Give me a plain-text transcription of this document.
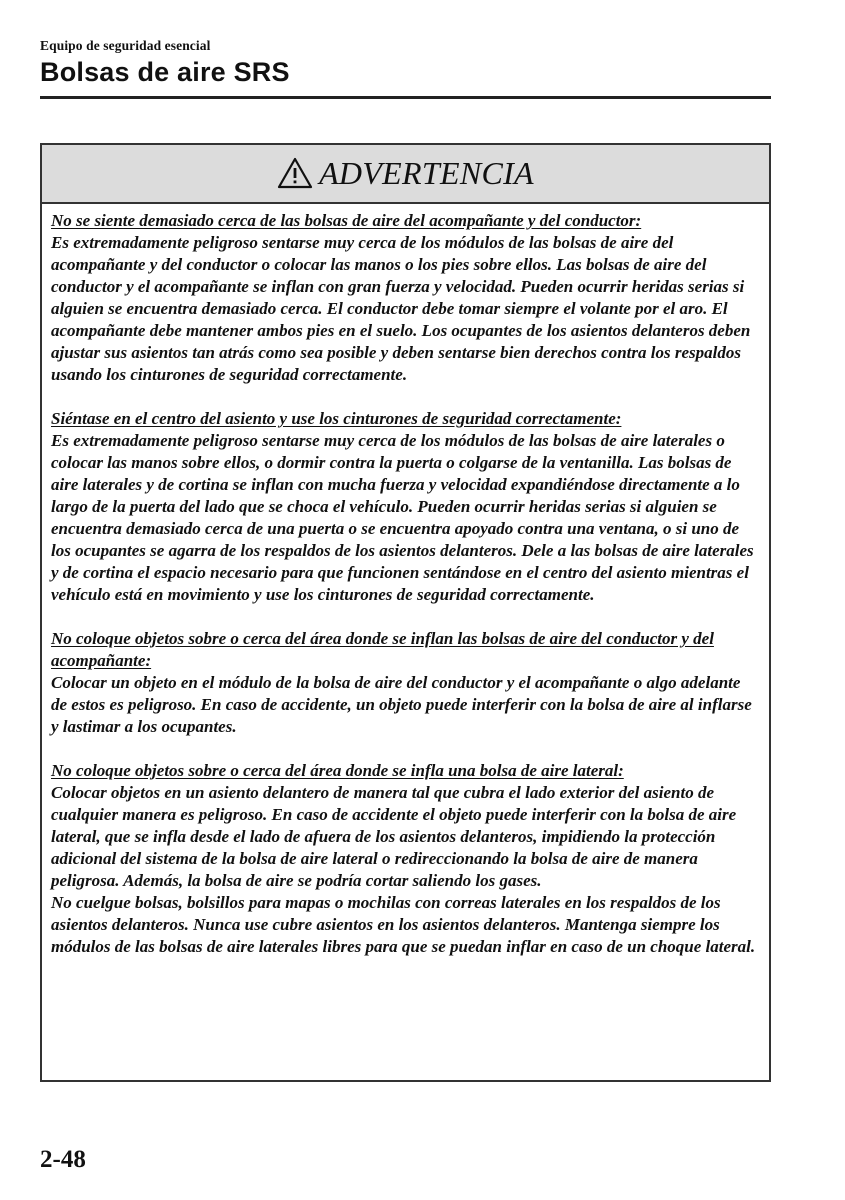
Equipo de seguridad esencial
Bolsas de aire SRS
ADVERTENCIA
No se siente demasiado cerca de las bolsas de aire del acompañante y del conductor:

Es extremadamente peligroso sentarse muy cerca de los módulos de las bolsas de aire del acompañante y del conductor o colocar las manos o los pies sobre ellos. Las bolsas de aire del conductor y el acompañante se inflan con gran fuerza y velocidad. Pueden ocurrir heridas serias si alguien se encuentra demasiado cerca. El conductor debe tomar siempre el volante por el aro. El acompañante debe mantener ambos pies en el suelo. Los ocupantes de los asientos delanteros deben ajustar sus asientos tan atrás como sea posible y deben sentarse bien derechos contra los respaldos usando los cinturones de seguridad correctamente.

Siéntase en el centro del asiento y use los cinturones de seguridad correctamente:

Es extremadamente peligroso sentarse muy cerca de los módulos de las bolsas de aire laterales o colocar las manos sobre ellos, o dormir contra la puerta o colgarse de la ventanilla. Las bolsas de aire laterales y de cortina se inflan con mucha fuerza y velocidad expandiéndose directamente a lo largo de la puerta del lado que se choca el vehículo. Pueden ocurrir heridas serias si alguien se encuentra demasiado cerca de una puerta o se encuentra apoyado contra una ventana, o si uno de los ocupantes se agarra de los respaldos de los asientos delanteros. Dele a las bolsas de aire laterales y de cortina el espacio necesario para que funcionen sentándose en el centro del asiento mientras el vehículo está en movimiento y use los cinturones de seguridad correctamente.

No coloque objetos sobre o cerca del área donde se inflan las bolsas de aire del conductor y del acompañante:

Colocar un objeto en el módulo de la bolsa de aire del conductor y el acompañante o algo adelante de estos es peligroso. En caso de accidente, un objeto puede interferir con la bolsa de aire al inflarse y lastimar a los ocupantes.

No coloque objetos sobre o cerca del área donde se infla una bolsa de aire lateral:

Colocar objetos en un asiento delantero de manera tal que cubra el lado exterior del asiento de cualquier manera es peligroso. En caso de accidente el objeto puede interferir con la bolsa de aire lateral, que se infla desde el lado de afuera de los asientos delanteros, impidiendo la protección adicional del sistema de la bolsa de aire lateral o redireccionando la bolsa de aire de manera peligrosa. Además, la bolsa de aire se podría cortar saliendo los gases.

No cuelgue bolsas, bolsillos para mapas o mochilas con correas laterales en los respaldos de los asientos delanteros. Nunca use cubre asientos en los asientos delanteros. Mantenga siempre los módulos de las bolsas de aire laterales libres para que se puedan inflar en caso de un choque lateral.

2-48
